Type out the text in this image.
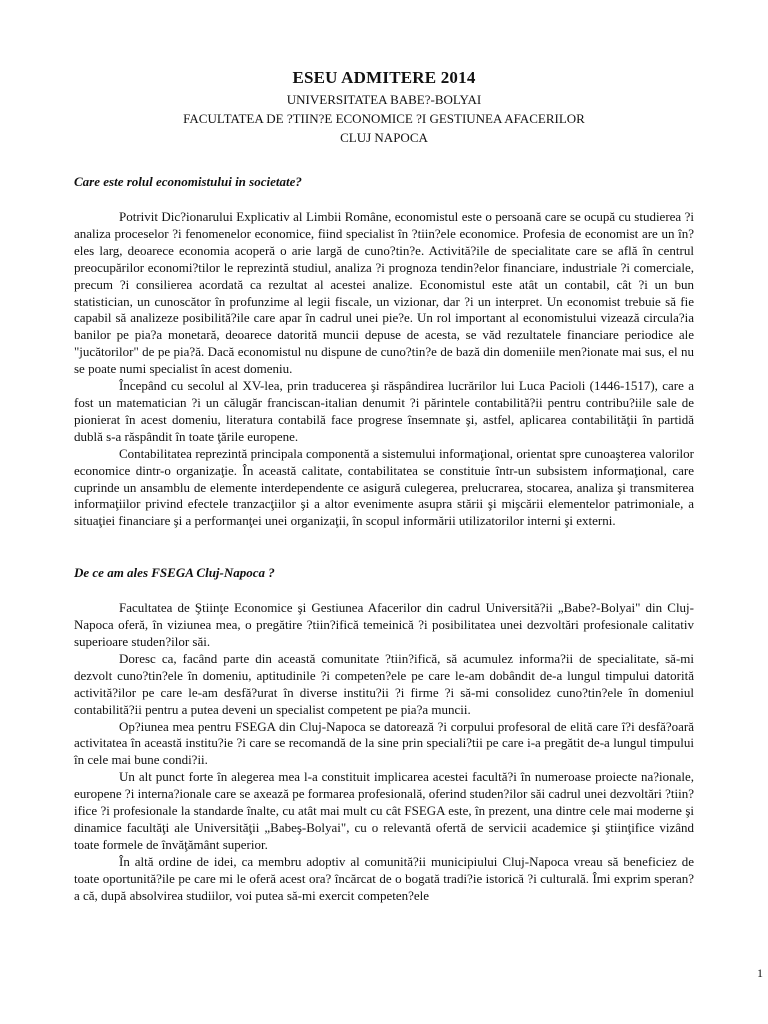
ESEU ADMITERE 2014
UNIVERSITATEA BABE?-BOLYAI
FACULTATEA DE ?TIIN?E ECONOMICE ?I GESTIUNEA AFACERILOR
CLUJ NAPOCA
Care este rolul economistului in societate?

Potrivit Dic?ionarului Explicativ al Limbii Române, economistul este o persoană care se ocupă cu studierea ?i analiza proceselor ?i fenomenelor economice, fiind specialist în ?tiin?ele economice. Profesia de economist are un în?eles larg, deoarece economia acoperă o arie largă de cuno?tin?e. Activită?ile de specialitate care se află în centrul preocupărilor economi?tilor le reprezintă studiul, analiza ?i prognoza tendin?elor financiare, industriale ?i comerciale, precum ?i consilierea acordată ca rezultat al acestei analize. Economistul este atât un contabil, cât ?i un bun statistician, un cunoscător în profunzime al legii fiscale, un vizionar, dar ?i un interpret. Un economist trebuie să fie capabil să analizeze posibilită?ile care apar în cadrul unei pie?e. Un rol important al economistului vizează circula?ia banilor pe pia?a monetară, deoarece datorită muncii depuse de acesta, se văd rezultatele financiare periodice ale "jucătorilor" de pe pia?ă. Dacă economistul nu dispune de cuno?tin?e de bază din domeniile men?ionate mai sus, el nu se poate numi specialist în acest domeniu.

Începând cu secolul al XV-lea, prin traducerea şi răspândirea lucrărilor lui Luca Pacioli (1446-1517), care a fost un matematician ?i un călugăr franciscan-italian denumit ?i părintele contabilită?ii pentru contribu?iile sale de pionierat în acest domeniu, literatura contabilă face progrese însemnate şi, astfel, aplicarea contabilităţii în partidă dublă s-a răspândit în toate ţările europene.

Contabilitatea reprezintă principala componentă a sistemului informaţional, orientat spre cunoaşterea valorilor economice dintr-o organizaţie. În această calitate, contabilitatea se constituie într-un subsistem informaţional, care cuprinde un ansamblu de elemente interdependente ce asigură culegerea, prelucrarea, stocarea, analiza şi transmiterea informaţiilor privind efectele tranzacţiilor şi a altor evenimente asupra stării şi mişcării elementelor patrimoniale, a situaţiei financiare şi a performanţei unei organizaţii, în scopul informării utilizatorilor interni şi externi.

De ce am ales FSEGA Cluj-Napoca ?

Facultatea de Ştiinţe Economice şi Gestiunea Afacerilor din cadrul Universită?ii „Babe?-Bolyai" din Cluj-Napoca oferă, în viziunea mea, o pregătire ?tiin?ifică temeinică ?i posibilitatea unei dezvoltări profesionale calitativ superioare studen?ilor săi.

Doresc ca, facând parte din această comunitate ?tiin?ifică, să acumulez informa?ii de specialitate, să-mi dezvolt cuno?tin?ele în domeniu, aptitudinile ?i competen?ele pe care le-am dobândit de-a lungul timpului datorită activită?ilor pe care le-am desfă?urat în diverse institu?ii ?i firme ?i să-mi consolidez cuno?tin?ele în domeniul contabilită?ii pentru a putea deveni un specialist competent pe pia?a muncii.

Op?iunea mea pentru FSEGA din Cluj-Napoca se datorează ?i corpului profesoral de elită care î?i desfă?oară activitatea în această institu?ie ?i care se recomandă de la sine prin speciali?tii pe care i-a pregătit de-a lungul timpului în cele mai bune condi?ii.

Un alt punct forte în alegerea mea l-a constituit implicarea acestei facultă?i în numeroase proiecte na?ionale, europene ?i interna?ionale care se axează pe formarea profesională, oferind studen?ilor săi cadrul unei dezvoltări ?tiin?ifice ?i profesionale la standarde înalte, cu atât mai mult cu cât FSEGA este, în prezent, una dintre cele mai moderne şi dinamice facultăţi ale Universităţii „Babeş-Bolyai", cu o relevantă ofertă de servicii academice şi ştiinţifice vizând toate formele de învăţământ superior.

În altă ordine de idei, ca membru adoptiv al comunită?ii municipiului Cluj-Napoca vreau să beneficiez de toate oportunită?ile pe care mi le oferă acest ora? încărcat de o bogată tradi?ie istorică ?i culturală. Îmi exprim speran?a că, după absolvirea studiilor, voi putea să-mi exercit competen?ele

1
